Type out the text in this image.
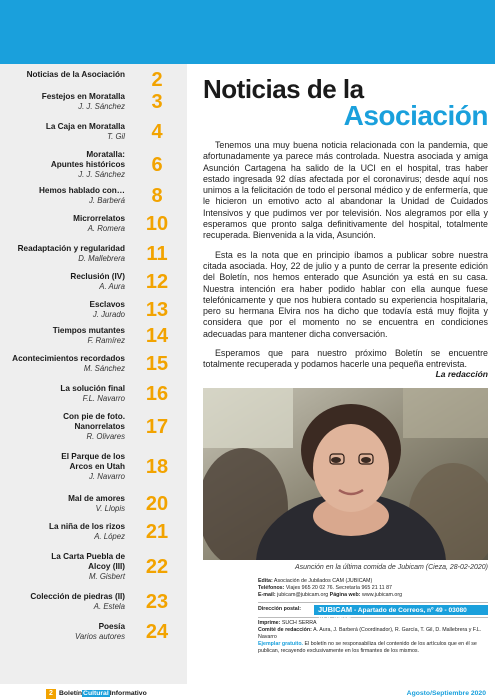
Noticias de la Asociación	2
Festejos en Moratalla
J. J. Sánchez	3
La Caja en Moratalla
T. Gil	4
Moratalla:
Apuntes históricos
J. J. Sánchez	6
Hemos hablado con…
J. Barberá	8
Microrrelatos
A. Romera	10
Readaptación y regularidad
D. Mallebrera	11
Reclusión (IV)
A. Aura	12
Esclavos
J. Jurado	13
Tiempos mutantes
F. Ramírez	14
Acontecimientos recordados
M. Sánchez	15
La solución final
F.L. Navarro	16
Con pie de foto.
Nanorrelatos
R. Olivares	17
El Parque de los
Arcos en Utah
J. Navarro	18
Mal de amores
V. Llopis	20
La niña de los rizos
A. López	21
La Carta Puebla de
Alcoy (III)
M. Gisbert	22
Colección de piedras (II)
A. Estela	23
Poesía
Varios autores	24
Noticias de la
Asociación

Tenemos una muy buena noticia relacionada con la pandemia, que afortunadamente ya parece más controlada. Nuestra asociada y amiga Asunción Cartagena ha salido de la UCI en el hospital, tras haber estado ingresada 92 días afectada por el coronavirus; desde aquí nos unimos a la felicitación de todo el personal médico y de enfermería, que le hicieron un emotivo acto al abandonar la Unidad de Cuidados Intensivos y que pudimos ver por televisión. Nos alegramos por ella y esperamos que pronto salga definitivamente del hospital, totalmente recuperada. Bienvenida a la vida, Asunción.

Esta es la nota que en principio íbamos a publicar sobre nuestra citada asociada. Hoy, 22 de julio y a punto de cerrar la presente edición del Boletín, nos hemos enterado que Asunción ya está en su casa. Nuestra intención era haber podido hablar con ella aunque fuese telefónicamente y que nos hubiera contado su experiencia hospitalaria, pero su hermana Elvira nos ha dicho que todavía está muy flojita y considera que por el momento no se encuentra en condiciones adecuadas para mantener dicha conversación.

Esperamos que para nuestro próximo Boletín se encuentre totalmente recuperada y podamos hacerle una pequeña entrevista.

La redacción
Asunción en la última comida de Jubicam (Cieza, 28-02-2020)
Edita: Asociación de Jubilados CAM (JUBICAM)
Teléfonos: Viajes 965 20 02 76. Secretaría 965 21 11 87
E-mail: jubicam@jubicam.org Página web: www.jubicam.org
Dirección postal:	JUBICAM - Apartado de Correos, nº 49 - 03080 ALICANTE
Imprime: SUCH SERRA
Comité de redacción: A. Aura, J. Barberá (Coordinador), R. García, T. Gil, D. Mallebrera y F.L. Navarro
Ejemplar gratuito. El boletín no se responsabiliza del contenido de los artículos que en él se publican, recayendo exclusivamente en los firmantes de los mismos.
2 BoletínCulturalInformativo	Agosto/Septiembre 2020
